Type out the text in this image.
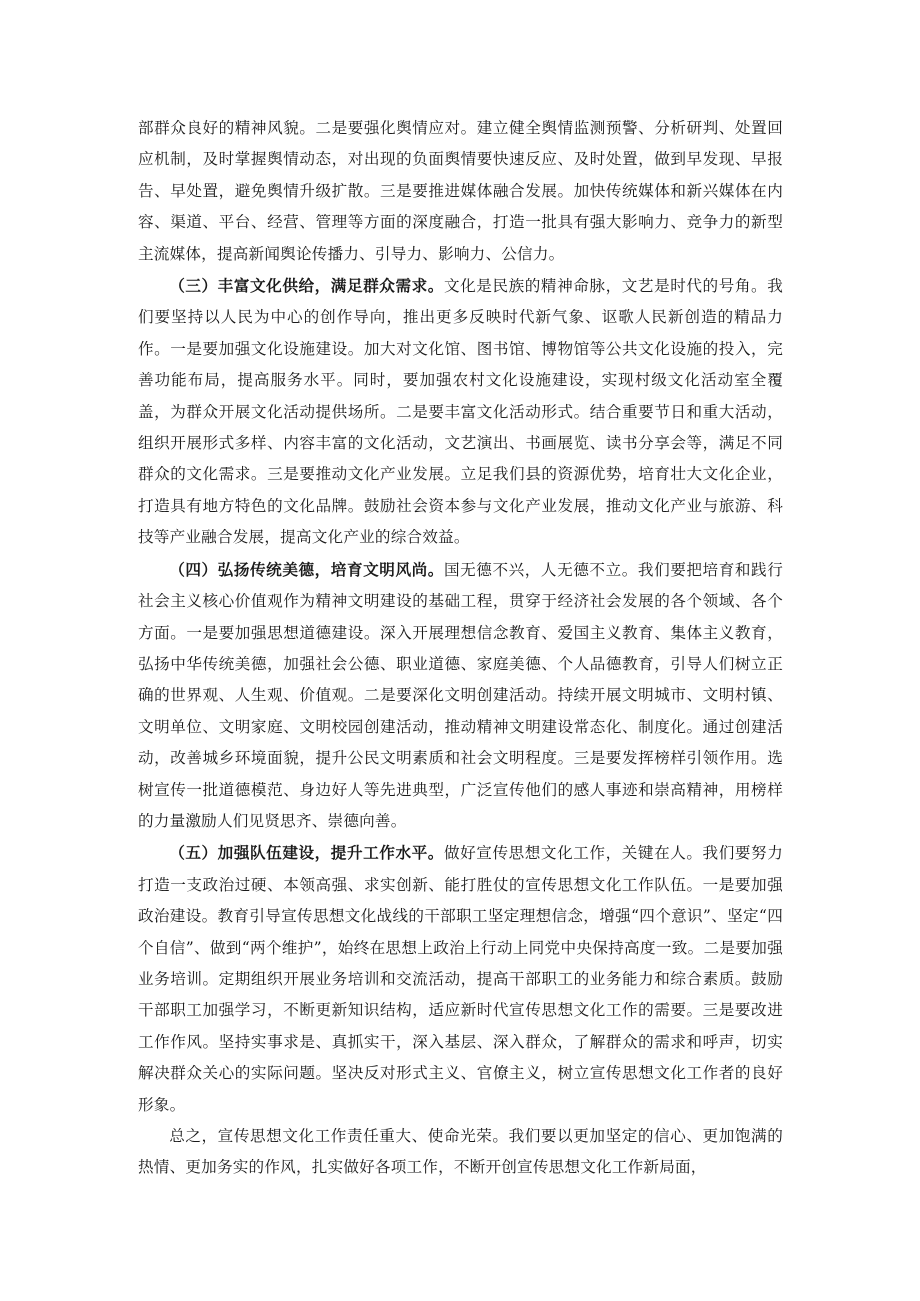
部群众良好的精神风貌。二是要强化舆情应对。建立健全舆情监测预警、分析研判、处置回应机制，及时掌握舆情动态，对出现的负面舆情要快速反应、及时处置，做到早发现、早报告、早处置，避免舆情升级扩散。三是要推进媒体融合发展。加快传统媒体和新兴媒体在内容、渠道、平台、经营、管理等方面的深度融合，打造一批具有强大影响力、竞争力的新型主流媒体，提高新闻舆论传播力、引导力、影响力、公信力。

（三）丰富文化供给，满足群众需求。文化是民族的精神命脉，文艺是时代的号角。我们要坚持以人民为中心的创作导向，推出更多反映时代新气象、讴歌人民新创造的精品力作。一是要加强文化设施建设。加大对文化馆、图书馆、博物馆等公共文化设施的投入，完善功能布局，提高服务水平。同时，要加强农村文化设施建设，实现村级文化活动室全覆盖，为群众开展文化活动提供场所。二是要丰富文化活动形式。结合重要节日和重大活动，组织开展形式多样、内容丰富的文化活动，文艺演出、书画展览、读书分享会等，满足不同群众的文化需求。三是要推动文化产业发展。立足我们县的资源优势，培育壮大文化企业，打造具有地方特色的文化品牌。鼓励社会资本参与文化产业发展，推动文化产业与旅游、科技等产业融合发展，提高文化产业的综合效益。

（四）弘扬传统美德，培育文明风尚。国无德不兴，人无德不立。我们要把培育和践行社会主义核心价值观作为精神文明建设的基础工程，贯穿于经济社会发展的各个领域、各个方面。一是要加强思想道德建设。深入开展理想信念教育、爱国主义教育、集体主义教育，弘扬中华传统美德，加强社会公德、职业道德、家庭美德、个人品德教育，引导人们树立正确的世界观、人生观、价值观。二是要深化文明创建活动。持续开展文明城市、文明村镇、文明单位、文明家庭、文明校园创建活动，推动精神文明建设常态化、制度化。通过创建活动，改善城乡环境面貌，提升公民文明素质和社会文明程度。三是要发挥榜样引领作用。选树宣传一批道德模范、身边好人等先进典型，广泛宣传他们的感人事迹和崇高精神，用榜样的力量激励人们见贤思齐、崇德向善。

（五）加强队伍建设，提升工作水平。做好宣传思想文化工作，关键在人。我们要努力打造一支政治过硬、本领高强、求实创新、能打胜仗的宣传思想文化工作队伍。一是要加强政治建设。教育引导宣传思想文化战线的干部职工坚定理想信念，增强“四个意识”、坚定“四个自信”、做到“两个维护”，始终在思想上政治上行动上同党中央保持高度一致。二是要加强业务培训。定期组织开展业务培训和交流活动，提高干部职工的业务能力和综合素质。鼓励干部职工加强学习，不断更新知识结构，适应新时代宣传思想文化工作的需要。三是要改进工作作风。坚持实事求是、真抓实干，深入基层、深入群众，了解群众的需求和呼声，切实解决群众关心的实际问题。坚决反对形式主义、官僚主义，树立宣传思想文化工作者的良好形象。

总之，宣传思想文化工作责任重大、使命光荣。我们要以更加坚定的信心、更加饱满的热情、更加务实的作风，扎实做好各项工作，不断开创宣传思想文化工作新局面，
